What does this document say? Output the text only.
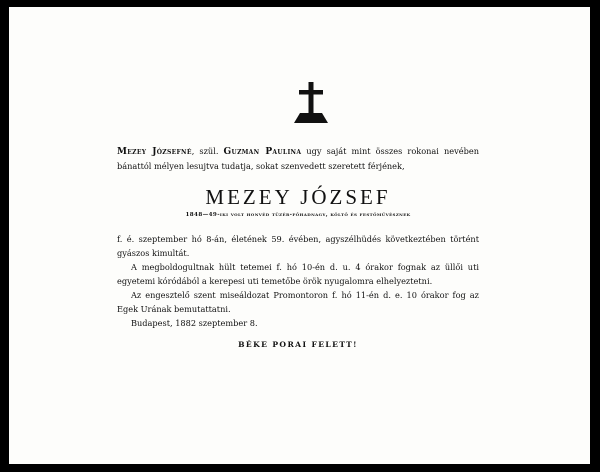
Mezey Józsefné, szül. Guzman Paulina ugy saját mint összes rokonai nevében

bánattól mélyen lesujtva tudatja, sokat szenvedett szeretett férjének,

MEZEY JÓZSEF
1848—49-iki volt honvéd tüzér-főhadnagy, költő és festőművésznek

f. é. szeptember hó 8-án, életének 59. évében, agyszélhüdés következtében történt gyászos kimultát.

A megboldogultnak hült tetemei f. hó 10-én d. u. 4 órakor fognak az üllői uti egyetemi kóródából a kerepesi uti temetőbe örök nyugalomra elhelyeztetni.

Az engesztelő szent miseáldozat Promontoron f. hó 11-én d. e. 10 órakor fog az Egek Urának bemutattatni.

Budapest, 1882 szeptember 8.

BÉKE PORAI FELETT!
